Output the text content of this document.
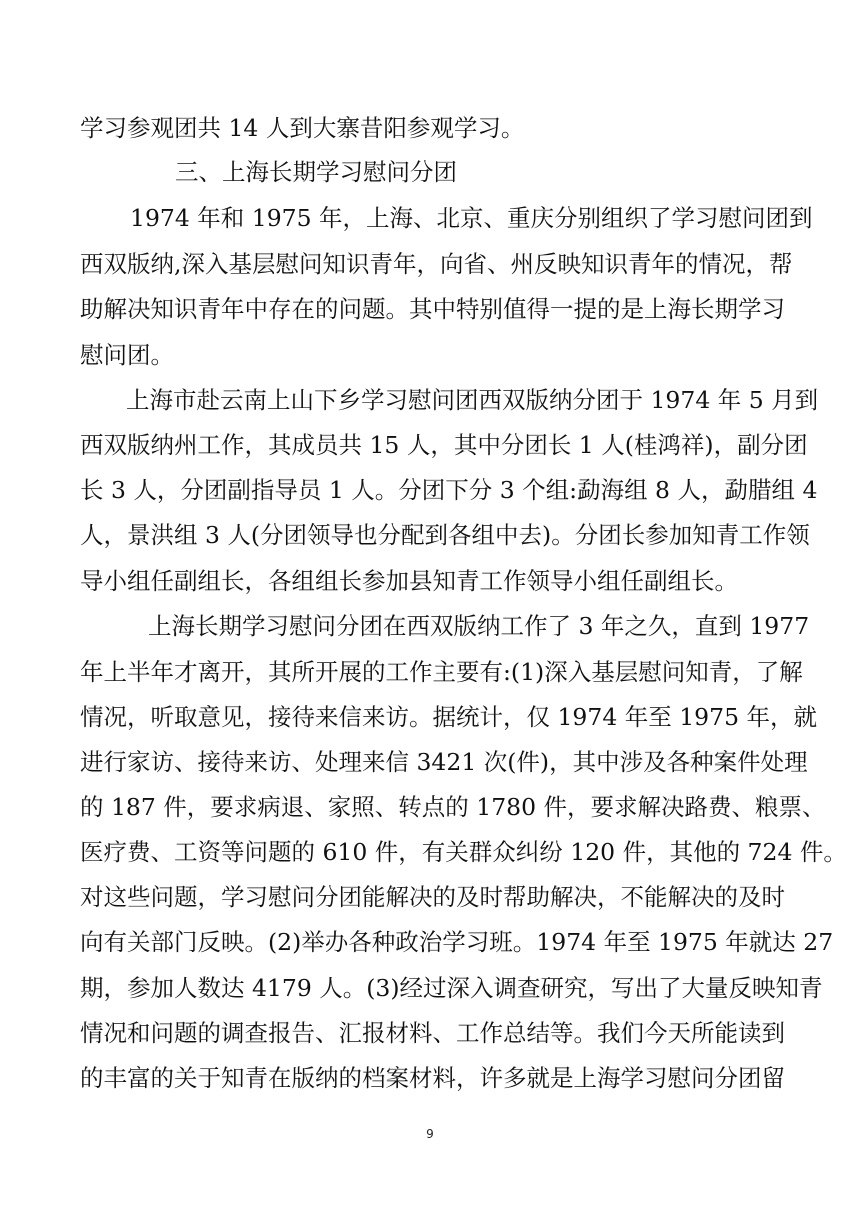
学习参观团共 14 人到大寨昔阳参观学习。
三、上海长期学习慰问分团
1974 年和 1975 年，上海、北京、重庆分别组织了学习慰问团到
西双版纳,深入基层慰问知识青年，向省、州反映知识青年的情况，帮
助解决知识青年中存在的问题。其中特别值得一提的是上海长期学习
慰问团。
上海市赴云南上山下乡学习慰问团西双版纳分团于 1974 年 5 月到
西双版纳州工作，其成员共 15 人，其中分团长 1 人(桂鸿祥)，副分团
长 3 人，分团副指导员 1 人。分团下分 3 个组:勐海组 8 人，勐腊组 4
人，景洪组 3 人(分团领导也分配到各组中去)。分团长参加知青工作领
导小组任副组长，各组组长参加县知青工作领导小组任副组长。
上海长期学习慰问分团在西双版纳工作了 3 年之久，直到 1977
年上半年才离开，其所开展的工作主要有:(1)深入基层慰问知青，了解
情况，听取意见，接待来信来访。据统计，仅 1974 年至 1975 年，就
进行家访、接待来访、处理来信 3421 次(件)，其中涉及各种案件处理
的 187 件，要求病退、家照、转点的 1780 件，要求解决路费、粮票、
医疗费、工资等问题的 610 件，有关群众纠纷 120 件，其他的 724 件。
对这些问题，学习慰问分团能解决的及时帮助解决，不能解决的及时
向有关部门反映。(2)举办各种政治学习班。1974 年至 1975 年就达 27
期，参加人数达 4179 人。(3)经过深入调查研究，写出了大量反映知青
情况和问题的调查报告、汇报材料、工作总结等。我们今天所能读到
的丰富的关于知青在版纳的档案材料，许多就是上海学习慰问分团留
9
